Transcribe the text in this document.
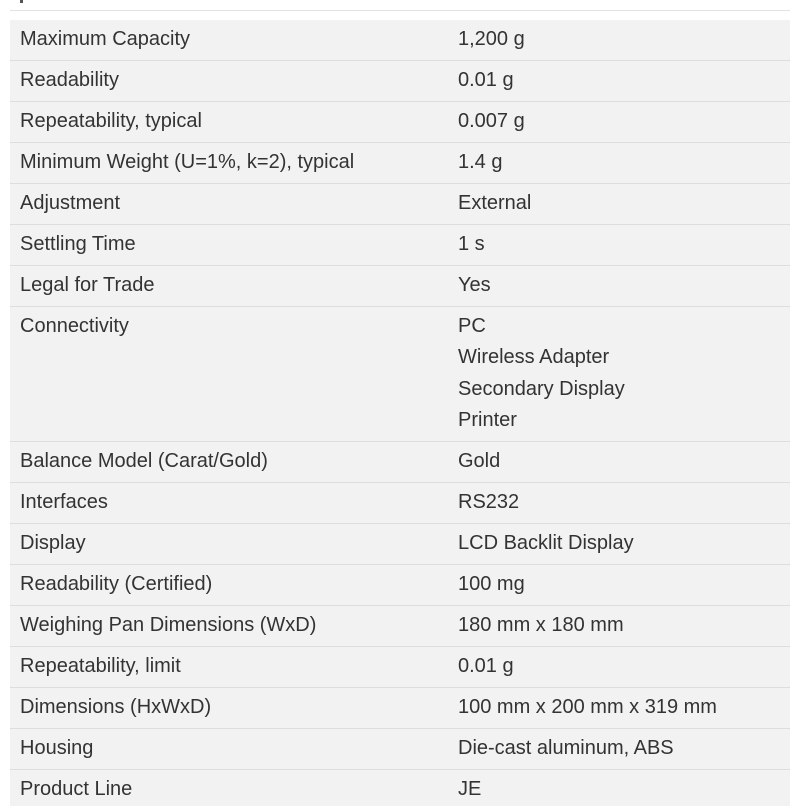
Maximum Capacity	1,200 g
Readability	0.01 g
Repeatability, typical	0.007 g
Minimum Weight (U=1%, k=2), typical	1.4 g
Adjustment	External
Settling Time	1 s
Legal for Trade	Yes
Connectivity	PC
Wireless Adapter
Secondary Display
Printer

Balance Model (Carat/Gold)	Gold
Interfaces	RS232
Display	LCD Backlit Display
Readability (Certified)	100 mg
Weighing Pan Dimensions (WxD)	180 mm x 180 mm
Repeatability, limit	0.01 g
Dimensions (HxWxD)	100 mm x 200 mm x 319 mm
Housing	Die-cast aluminum, ABS
Product Line	JE
